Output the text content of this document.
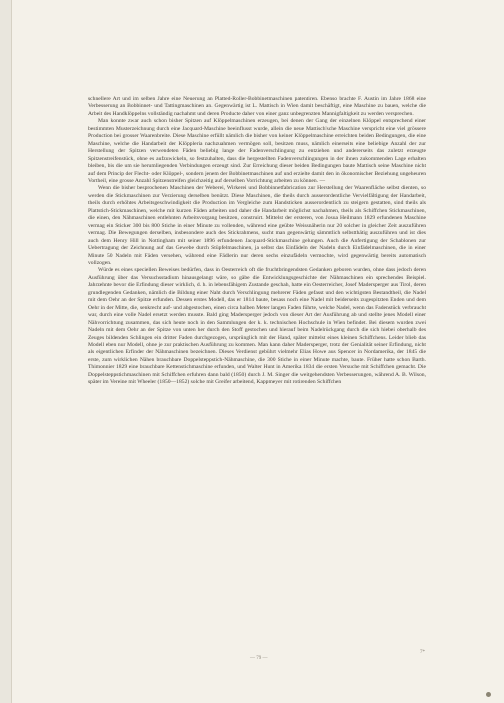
schnellere Art und im selben Jahre eine Neuerung an Platted-Roller-Bobbinetmaschinen patentiren. Ebenso brachte F. Austin im Jahre 1868 eine Verbesserung an Bobbinnet- und Tattingmaschinen an. Gegenwärtig ist L. Mattisch in Wien damit beschäftigt, eine Maschine zu bauen, welche die Arbeit des Handklöppelns vollständig nachahmt und deren Producte daher von einer ganz unbegrenzten Mannigfaltigkeit zu werden versprechen.

Man konnte zwar auch schon bisher Spitzen auf Klöppelmaschinen erzeugen, bei denen der Gang der einzelnen Klöppel entsprechend einer bestimmten Musterzeichnung durch eine Jacquard-Maschine beeinflusst wurde, allein die neue Mattisch'sche Maschine verspricht eine viel grössere Production bei grosser Waarenbreite. Diese Maschine erfüllt nämlich die bisher von keiner Klöppelmaschine erreichten beiden Bedingungen, die eine Maschine, welche die Handarbeit der Klöppleria nachzuahmen vermögen soll, besitzen muss, nämlich einerseits eine beliebige Anzahl der zur Herstellung der Spitzen verwendeten Fäden beliebig lange der Fadenverschlingung zu entziehen und andererseits das zuletzt erzeugte Spitzenstreifenstück, ohne es aufzuwickeln, so festzuhalten, dass die hergestellten Fadenverschlingungen in der ihnen zukommenden Lage erhalten bleiben, bis die um sie herumliegenden Verbindungen erzeugt sind. Zur Erreichung dieser beiden Bedingungen baute Mattisch seine Maschine nicht auf dem Princip der Flecht- oder Klöppel-, sondern jenem der Bobbinetmaschinen auf und erzielte damit den in ökonomischer Beziehung ungeheuren Vortheil, eine grosse Anzahl Spitzenstreifen gleichzeitig auf derselben Vorrichtung arbeiten zu können. —

Wenn die bisher besprochenen Maschinen der Weberei, Wirkerei und Bobbinnetfabrication zur Herstellung der Waarenfläche selbst dienten, so werden die Stickmaschinen zur Verzierung derselben benützt. Diese Maschinen, die theils durch ausserordentliche Vervielfältigung der Handarbeit, theils durch erhöhtes Arbeitsgeschwindigkeit die Production im Vergleiche zum Handsticken ausserordentlich zu steigern gestatten, sind theils als Plattstich-Stickmaschinen, welche mit kurzen Fäden arbeiten und daher die Handarbeit möglichst nachahmen, theils als Schiffchen Stickmaschinen, die einen, den Nähmaschinen entlehnten Arbeitsvorgang besitzen, construirt. Mittelst der ersteren, von Josua Heilmann 1829 erfundenen Maschine vermag ein Sticker 300 bis 800 Stiche in einer Minute zu vollenden, während eine geübte Weissnäherin nur 20 solcher in gleicher Zeit auszuführen vermag. Die Bewegungen derselben, insbesondere auch des Stickrahmens, sucht man gegenwärtig sämmtlich selbstthätig auszuführen und ist dies auch dem Henry Hill in Nottingham mit seiner 1896 erfundenen Jacquard-Stickmaschine gelungen. Auch die Anfertigung der Schablonen zur Uebertragung der Zeichnung auf das Gewebe durch Stüpfelmaschinen, ja selbst das Einfädeln der Nadeln durch Einfädelmaschinen, die in einer Minute 50 Nadeln mit Fäden versehen, während eine Fädlerin nur deren sechs einzufädeln vermochte, wird gegenwärtig bereits automatisch vollzogen.

Würde es eines speciellen Beweises bedürfen, dass in Oesterreich oft die fruchtbringendsten Gedanken geboren wurden, ohne dass jedoch deren Ausführung über das Versuchsstadium hinausgelangt wäre, so gäbe die Entwicklungsgeschichte der Nähmaschinen ein sprechendes Beispiel. Jahrzehnte bevor die Erfindung dieser wirklich, d. h. in lebensfähigem Zustande geschah, hatte ein Oesterreicher, Josef Madersperger aus Tirol, deren grundlegenden Gedanken, nämlich die Bildung einer Naht durch Verschlingung mehrerer Fäden gefasst und den wichtigsten Bestandtheil, die Nadel mit dem Oehr an der Spitze erfunden. Dessen erstes Modell, das er 1814 baute, besass noch eine Nadel mit beiderseits zugespitzten Enden und dem Oehr in der Mitte, die, senkrecht auf- und abgestochen, einen circa halben Meter langen Faden führte, welche Nadel, wenn das Fadenstück verbraucht war, durch eine volle Nadel ersetzt werden musste. Bald ging Madersperger jedoch von dieser Art der Ausführung ab und stellte jenes Modell einer Nähvorrichtung zusammen, das sich heute noch in den Sammlungen der k. k. technischen Hochschule in Wien befindet. Bei diesem wurden zwei Nadeln mit dem Oehr an der Spitze von unten her durch den Stoff gestochen und hierauf beim Nadelrückgang durch die sich hiebei oberhalb des Zeuges bildenden Schlingen ein dritter Faden durchgezogen, ursprünglich mit der Hand, später mittelst eines kleinen Schiffchens. Leider blieb das Modell eben nur Modell, ohne je zur praktischen Ausführung zu kommen. Man kann daher Madersperger, trotz der Genialität seiner Erfindung, nicht als eigentlichen Erfinder der Nähmaschinen bezeichnen. Dieses Verdienst gebührt vielmehr Elias Howe aus Spencer in Nordamerika, der 1845 die erste, zum wirklichen Nähen brauchbare Doppelsteppstich-Nähmaschine, die 300 Stiche in einer Minute machte, baute. Früher hatte schon Barth. Thimonnier 1829 eine brauchbare Kettenstichmaschine erfunden, und Walter Hunt in Amerika 1834 die ersten Versuche mit Schiffchen gemacht. Die Doppelsteppstichmaschinen mit Schiffchen erfuhren dann bald (1850) durch J. M. Singer die weitgehendsten Verbesserungen, während A. B. Wilson, später im Vereine mit Wheeler (1850—1852) solche mit Greifer arbeitend, Kappmeyer mit rotirenden Schiffchen

— 79 —
7*
